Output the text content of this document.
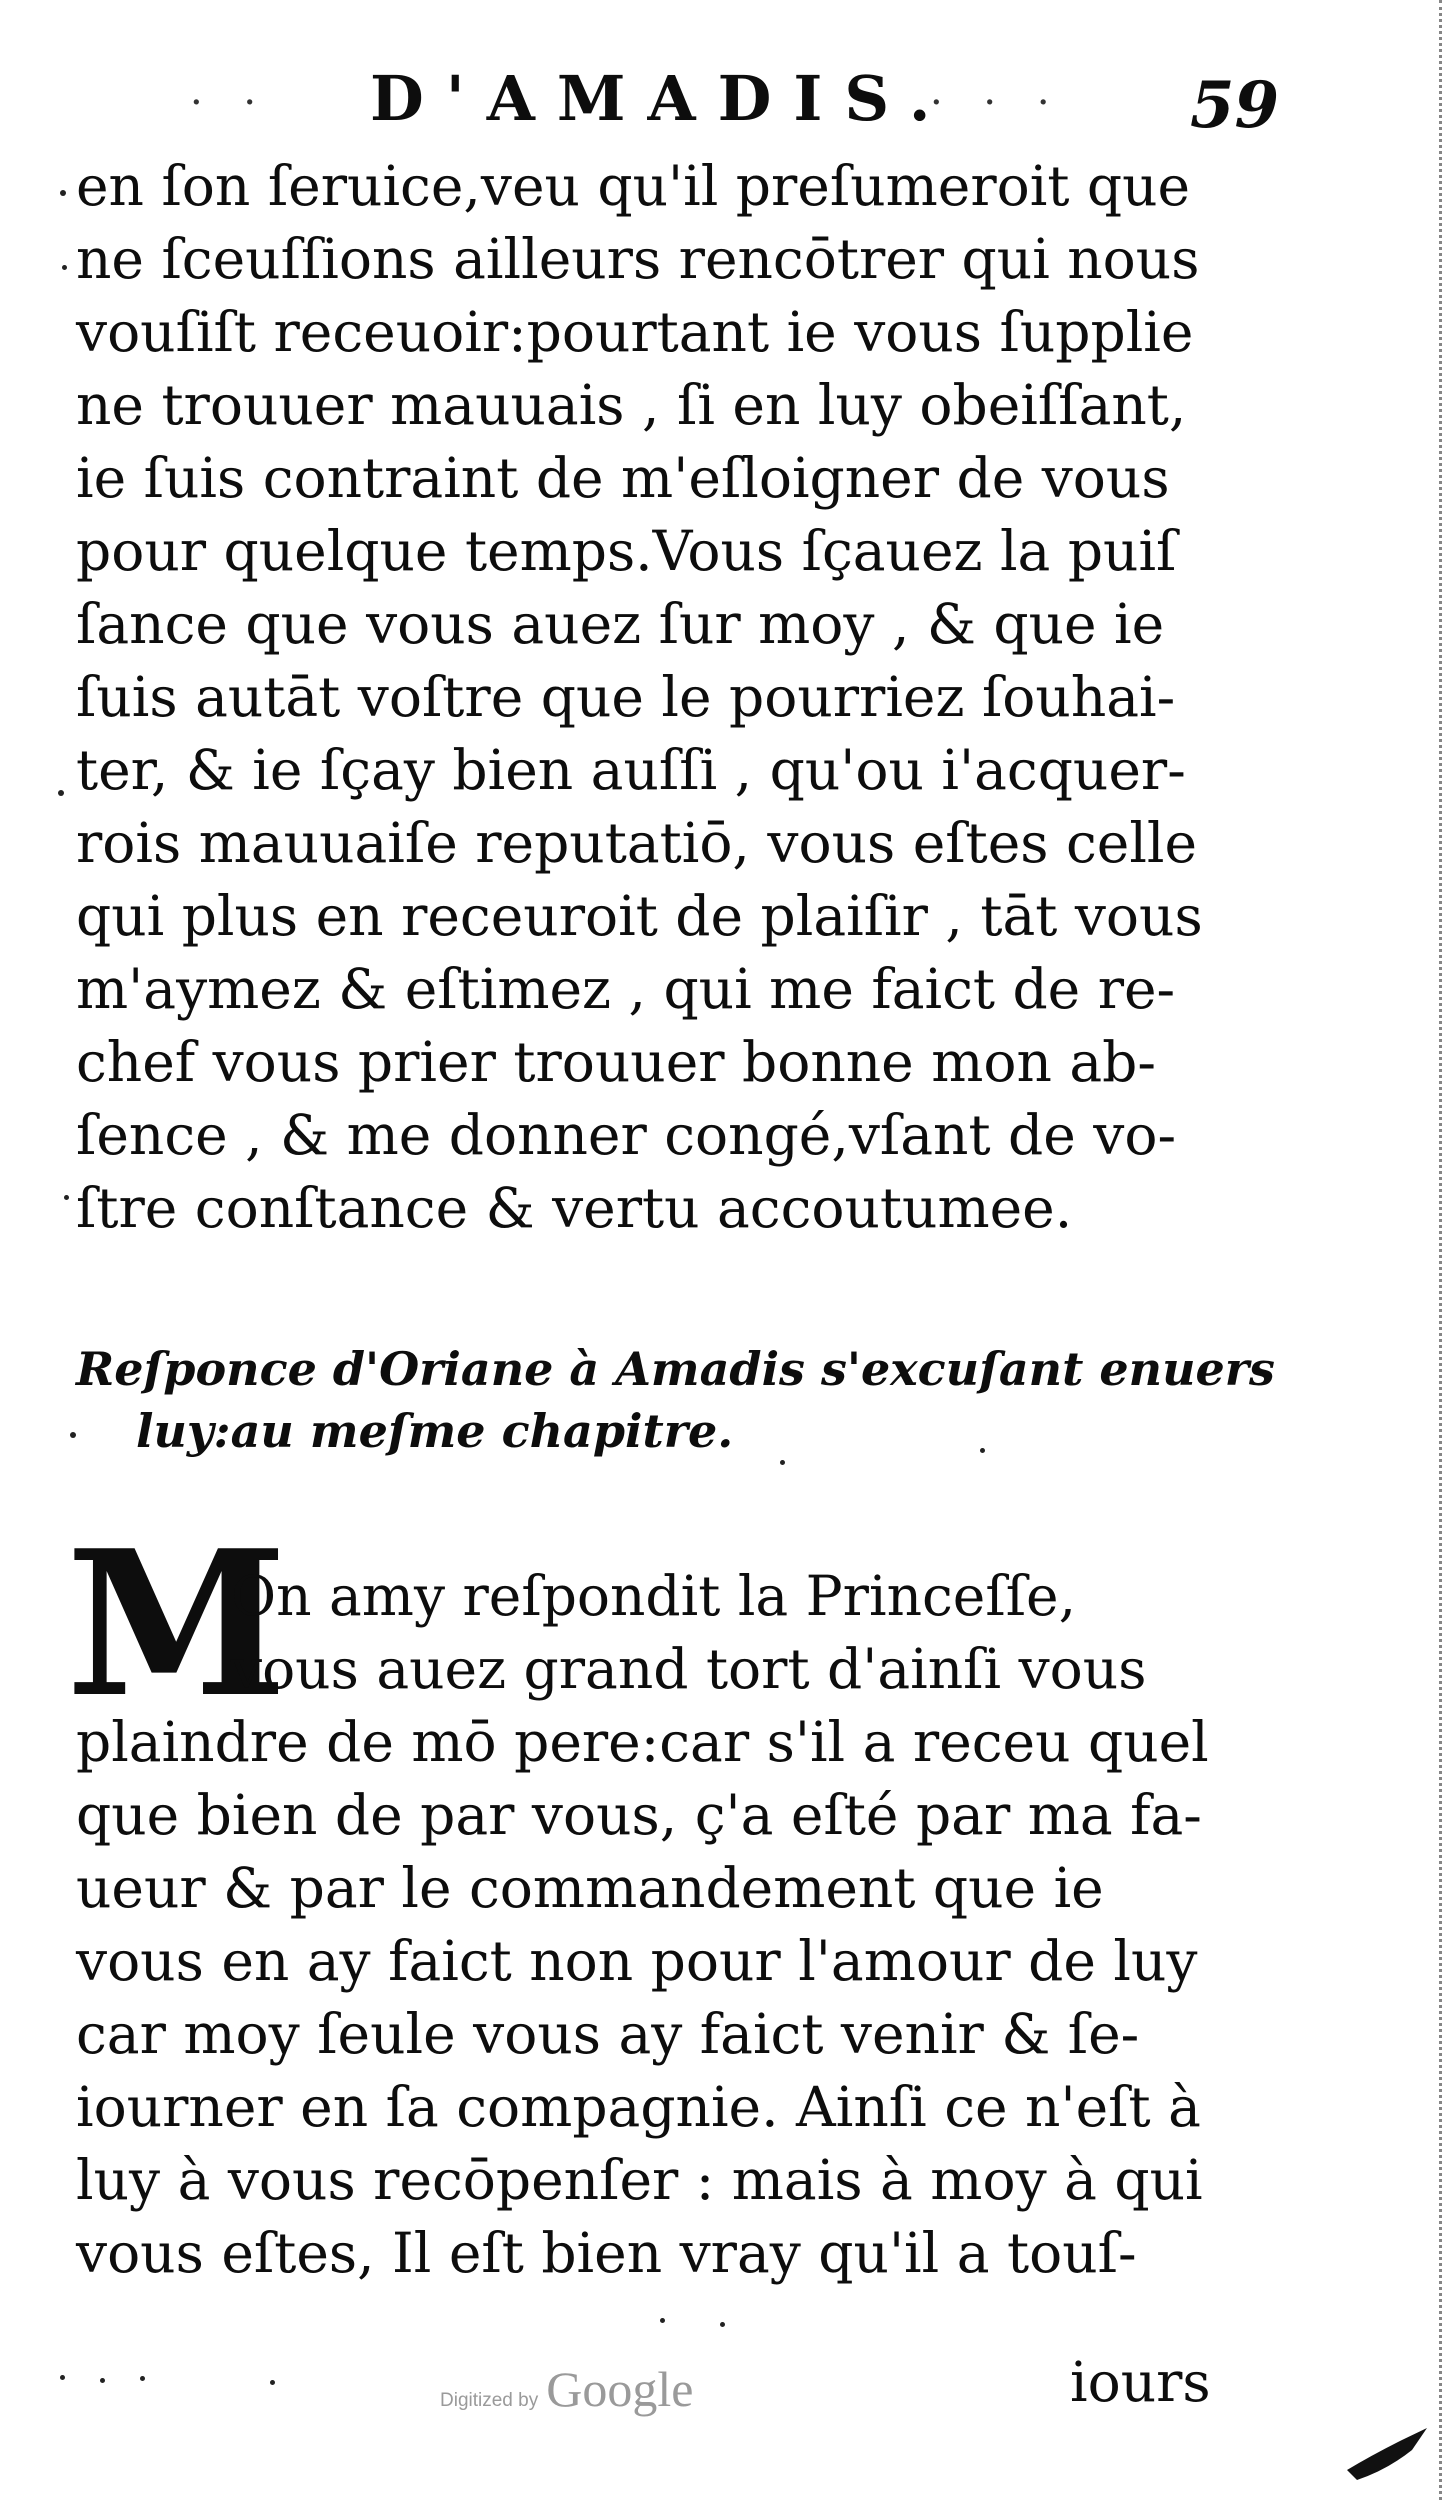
· · D'AMADIS.
· · · 59
en ſon ſeruice,veu qu'il preſumeroit que
ne ſceuſſions ailleurs rencōtrer qui nous
vouſiſt receuoir:pourtant ie vous ſupplie
ne trouuer mauuais , ſi en luy obeiſſant,
ie ſuis contraint de m'eſloigner de vous
pour quelque temps.Vous ſçauez la puiſ
ſance que vous auez ſur moy , & que ie
ſuis autāt voſtre que le pourriez ſouhai-
ter, & ie ſçay bien auſſi , qu'ou i'acquer-
rois mauuaiſe reputatiō, vous eſtes celle
qui plus en receuroit de plaiſir , tāt vous
m'aymez & eſtimez , qui me faict de re-
chef vous prier trouuer bonne mon ab-
ſence , & me donner congé,vſant de vo-
ſtre conſtance & vertu accoutumee.
Reſponce d'Oriane à Amadis s'excuſant enuers
luy:au meſme chapitre.
M
On amy reſpondit la Princeſſe,
vous auez grand tort d'ainſi vous
plaindre de mō pere:car s'il a receu quel
que bien de par vous, ç'a eſté par ma fa-
ueur & par le commandement que ie
vous en ay faict non pour l'amour de luy
car moy ſeule vous ay faict venir & ſe-
iourner en ſa compagnie. Ainſi ce n'eſt à
luy à vous recōpenſer : mais à moy à qui
vous eſtes, Il eſt bien vray qu'il a touſ-
iours
Digitized by Google
